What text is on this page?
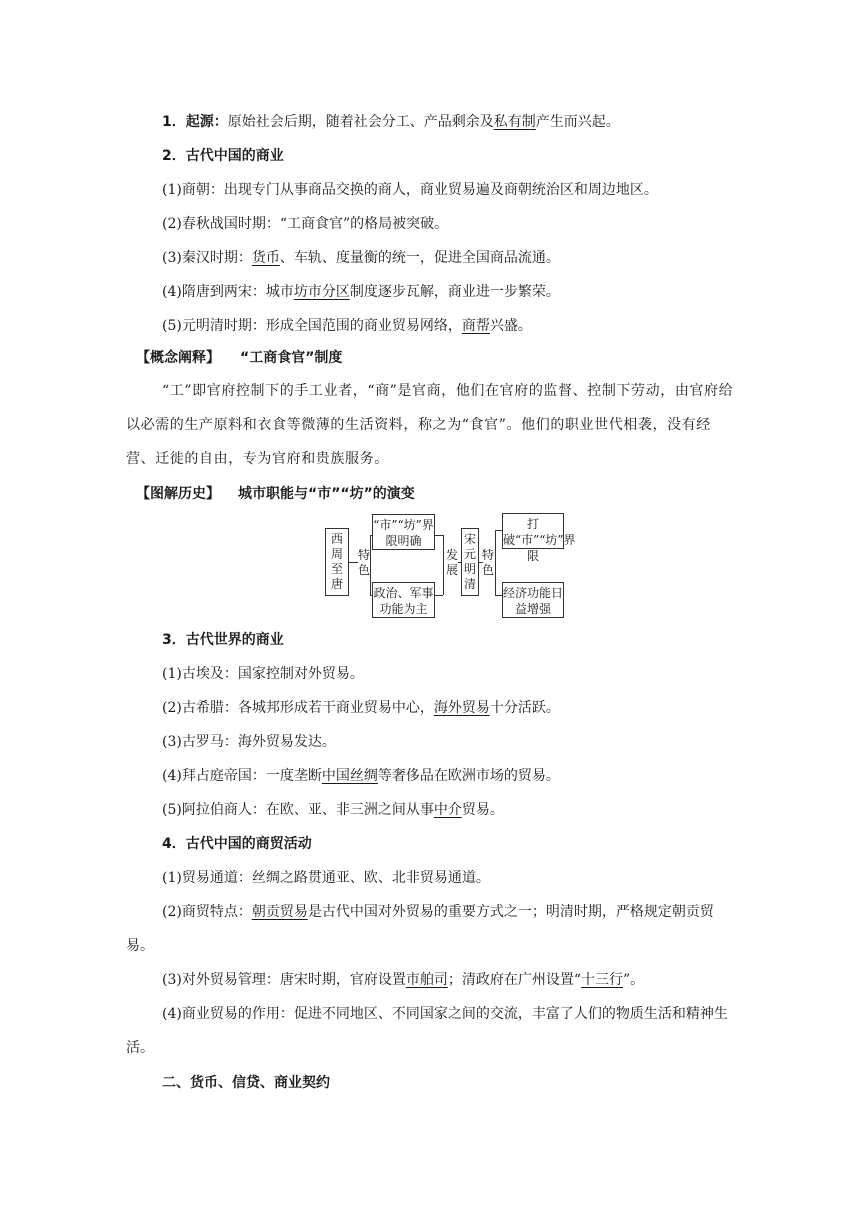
1．起源：原始社会后期，随着社会分工、产品剩余及私有制产生而兴起。
2．古代中国的商业
(1)商朝：出现专门从事商品交换的商人，商业贸易遍及商朝统治区和周边地区。
(2)春秋战国时期：“工商食官”的格局被突破。
(3)秦汉时期：货币、车轨、度量衡的统一，促进全国商品流通。
(4)隋唐到两宋：城市坊市分区制度逐步瓦解，商业进一步繁荣。
(5)元明清时期：形成全国范围的商业贸易网络，商帮兴盛。
【概念阐释】 “工商食官”制度
“工”即官府控制下的手工业者，“商”是官商，他们在官府的监督、控制下劳动，由官府给以必需的生产原料和衣食等微薄的生活资料，称之为“食官”。他们的职业世代相袭，没有经营、迁徙的自由，专为官府和贵族服务。
【图解历史】 城市职能与“市”“坊”的演变
西周至唐
特色
“市”“坊”界限明确
政治、军事功能为主
发展
宋元明清
特色
打破“市”“坊”界限
经济功能日益增强
3．古代世界的商业
(1)古埃及：国家控制对外贸易。
(2)古希腊：各城邦形成若干商业贸易中心，海外贸易十分活跃。
(3)古罗马：海外贸易发达。
(4)拜占庭帝国：一度垄断中国丝绸等奢侈品在欧洲市场的贸易。
(5)阿拉伯商人：在欧、亚、非三洲之间从事中介贸易。
4．古代中国的商贸活动
(1)贸易通道：丝绸之路贯通亚、欧、北非贸易通道。
(2)商贸特点：朝贡贸易是古代中国对外贸易的重要方式之一；明清时期，严格规定朝贡贸易。
(3)对外贸易管理：唐宋时期，官府设置市舶司；清政府在广州设置“十三行”。
(4)商业贸易的作用：促进不同地区、不同国家之间的交流，丰富了人们的物质生活和精神生活。
二、货币、信贷、商业契约
